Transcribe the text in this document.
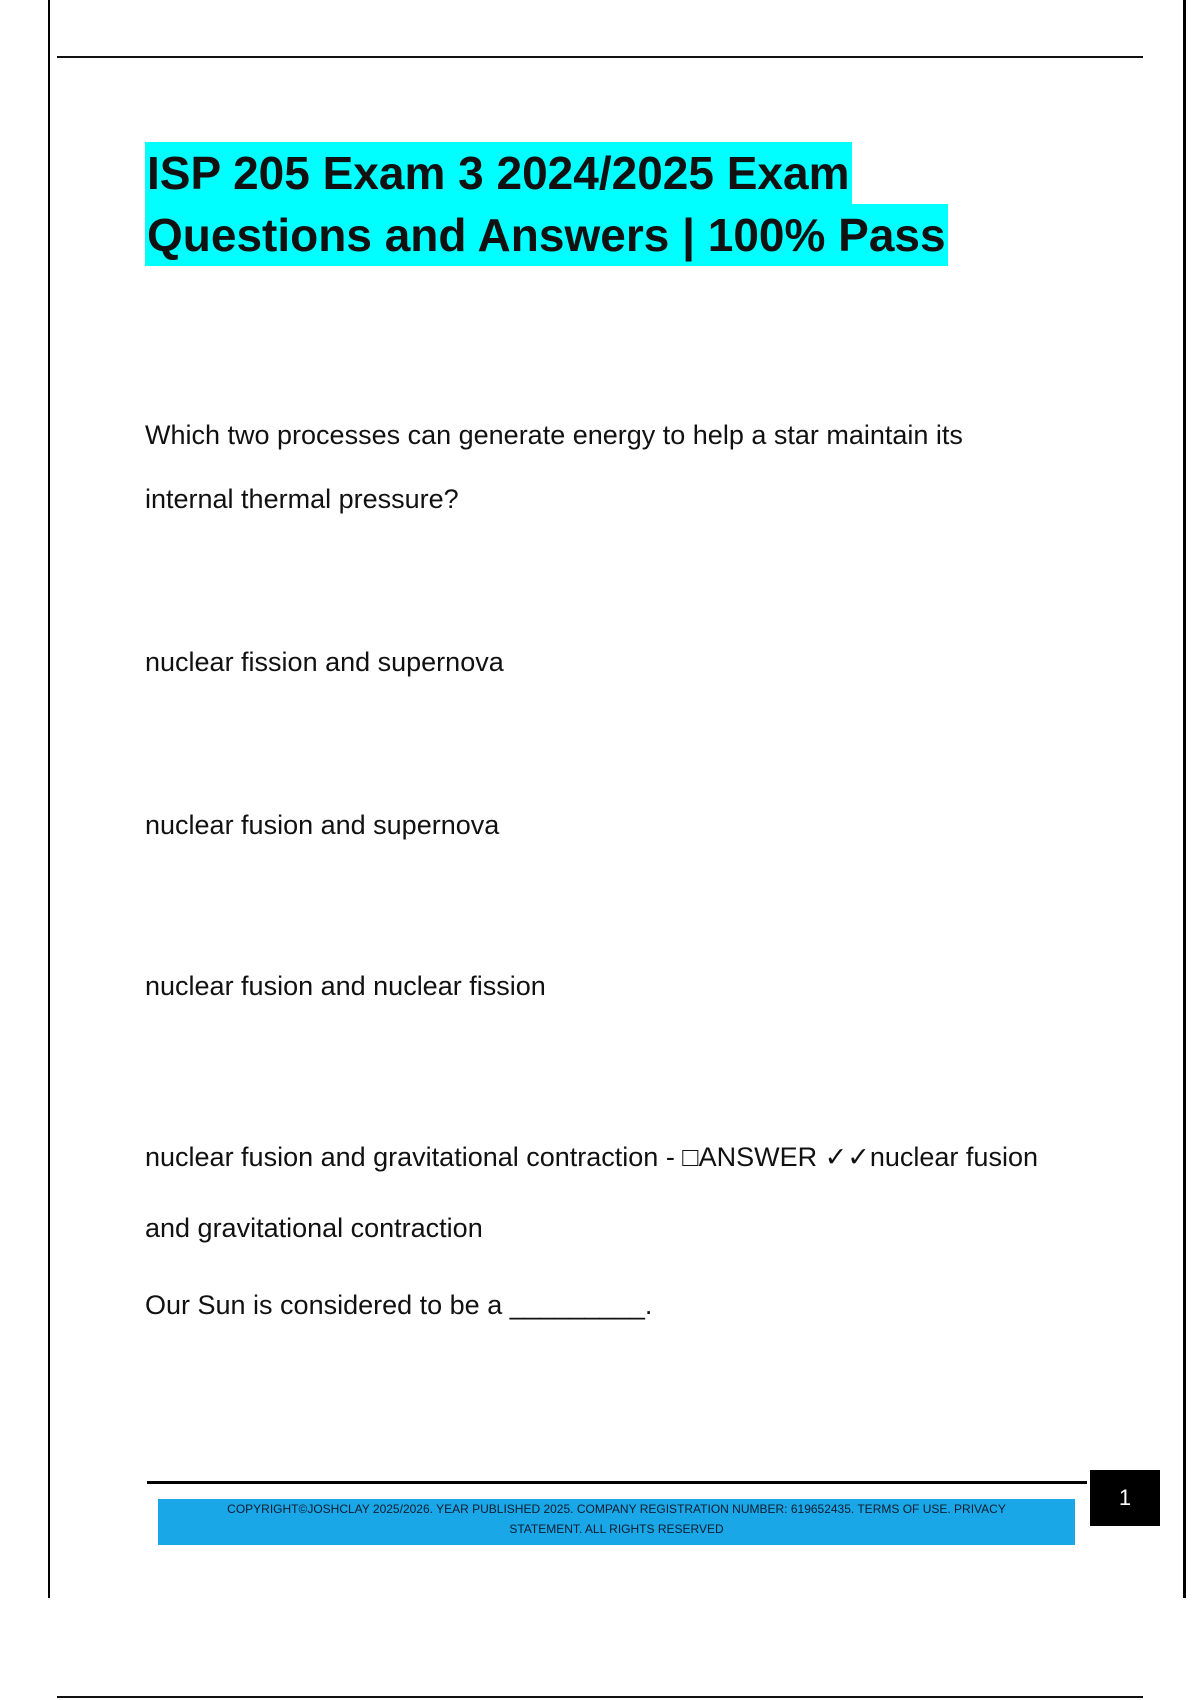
ISP 205 Exam 3 2024/2025 Exam
Questions and Answers | 100% Pass

Which two processes can generate energy to help a star maintain its
internal thermal pressure?

nuclear fission and supernova

nuclear fusion and supernova

nuclear fusion and nuclear fission

nuclear fusion and gravitational contraction - □ANSWER ✓✓nuclear fusion
and gravitational contraction

Our Sun is considered to be a _________.

COPYRIGHT©JOSHCLAY 2025/2026. YEAR PUBLISHED 2025. COMPANY REGISTRATION NUMBER: 619652435. TERMS OF USE. PRIVACY
STATEMENT. ALL RIGHTS RESERVED
1
